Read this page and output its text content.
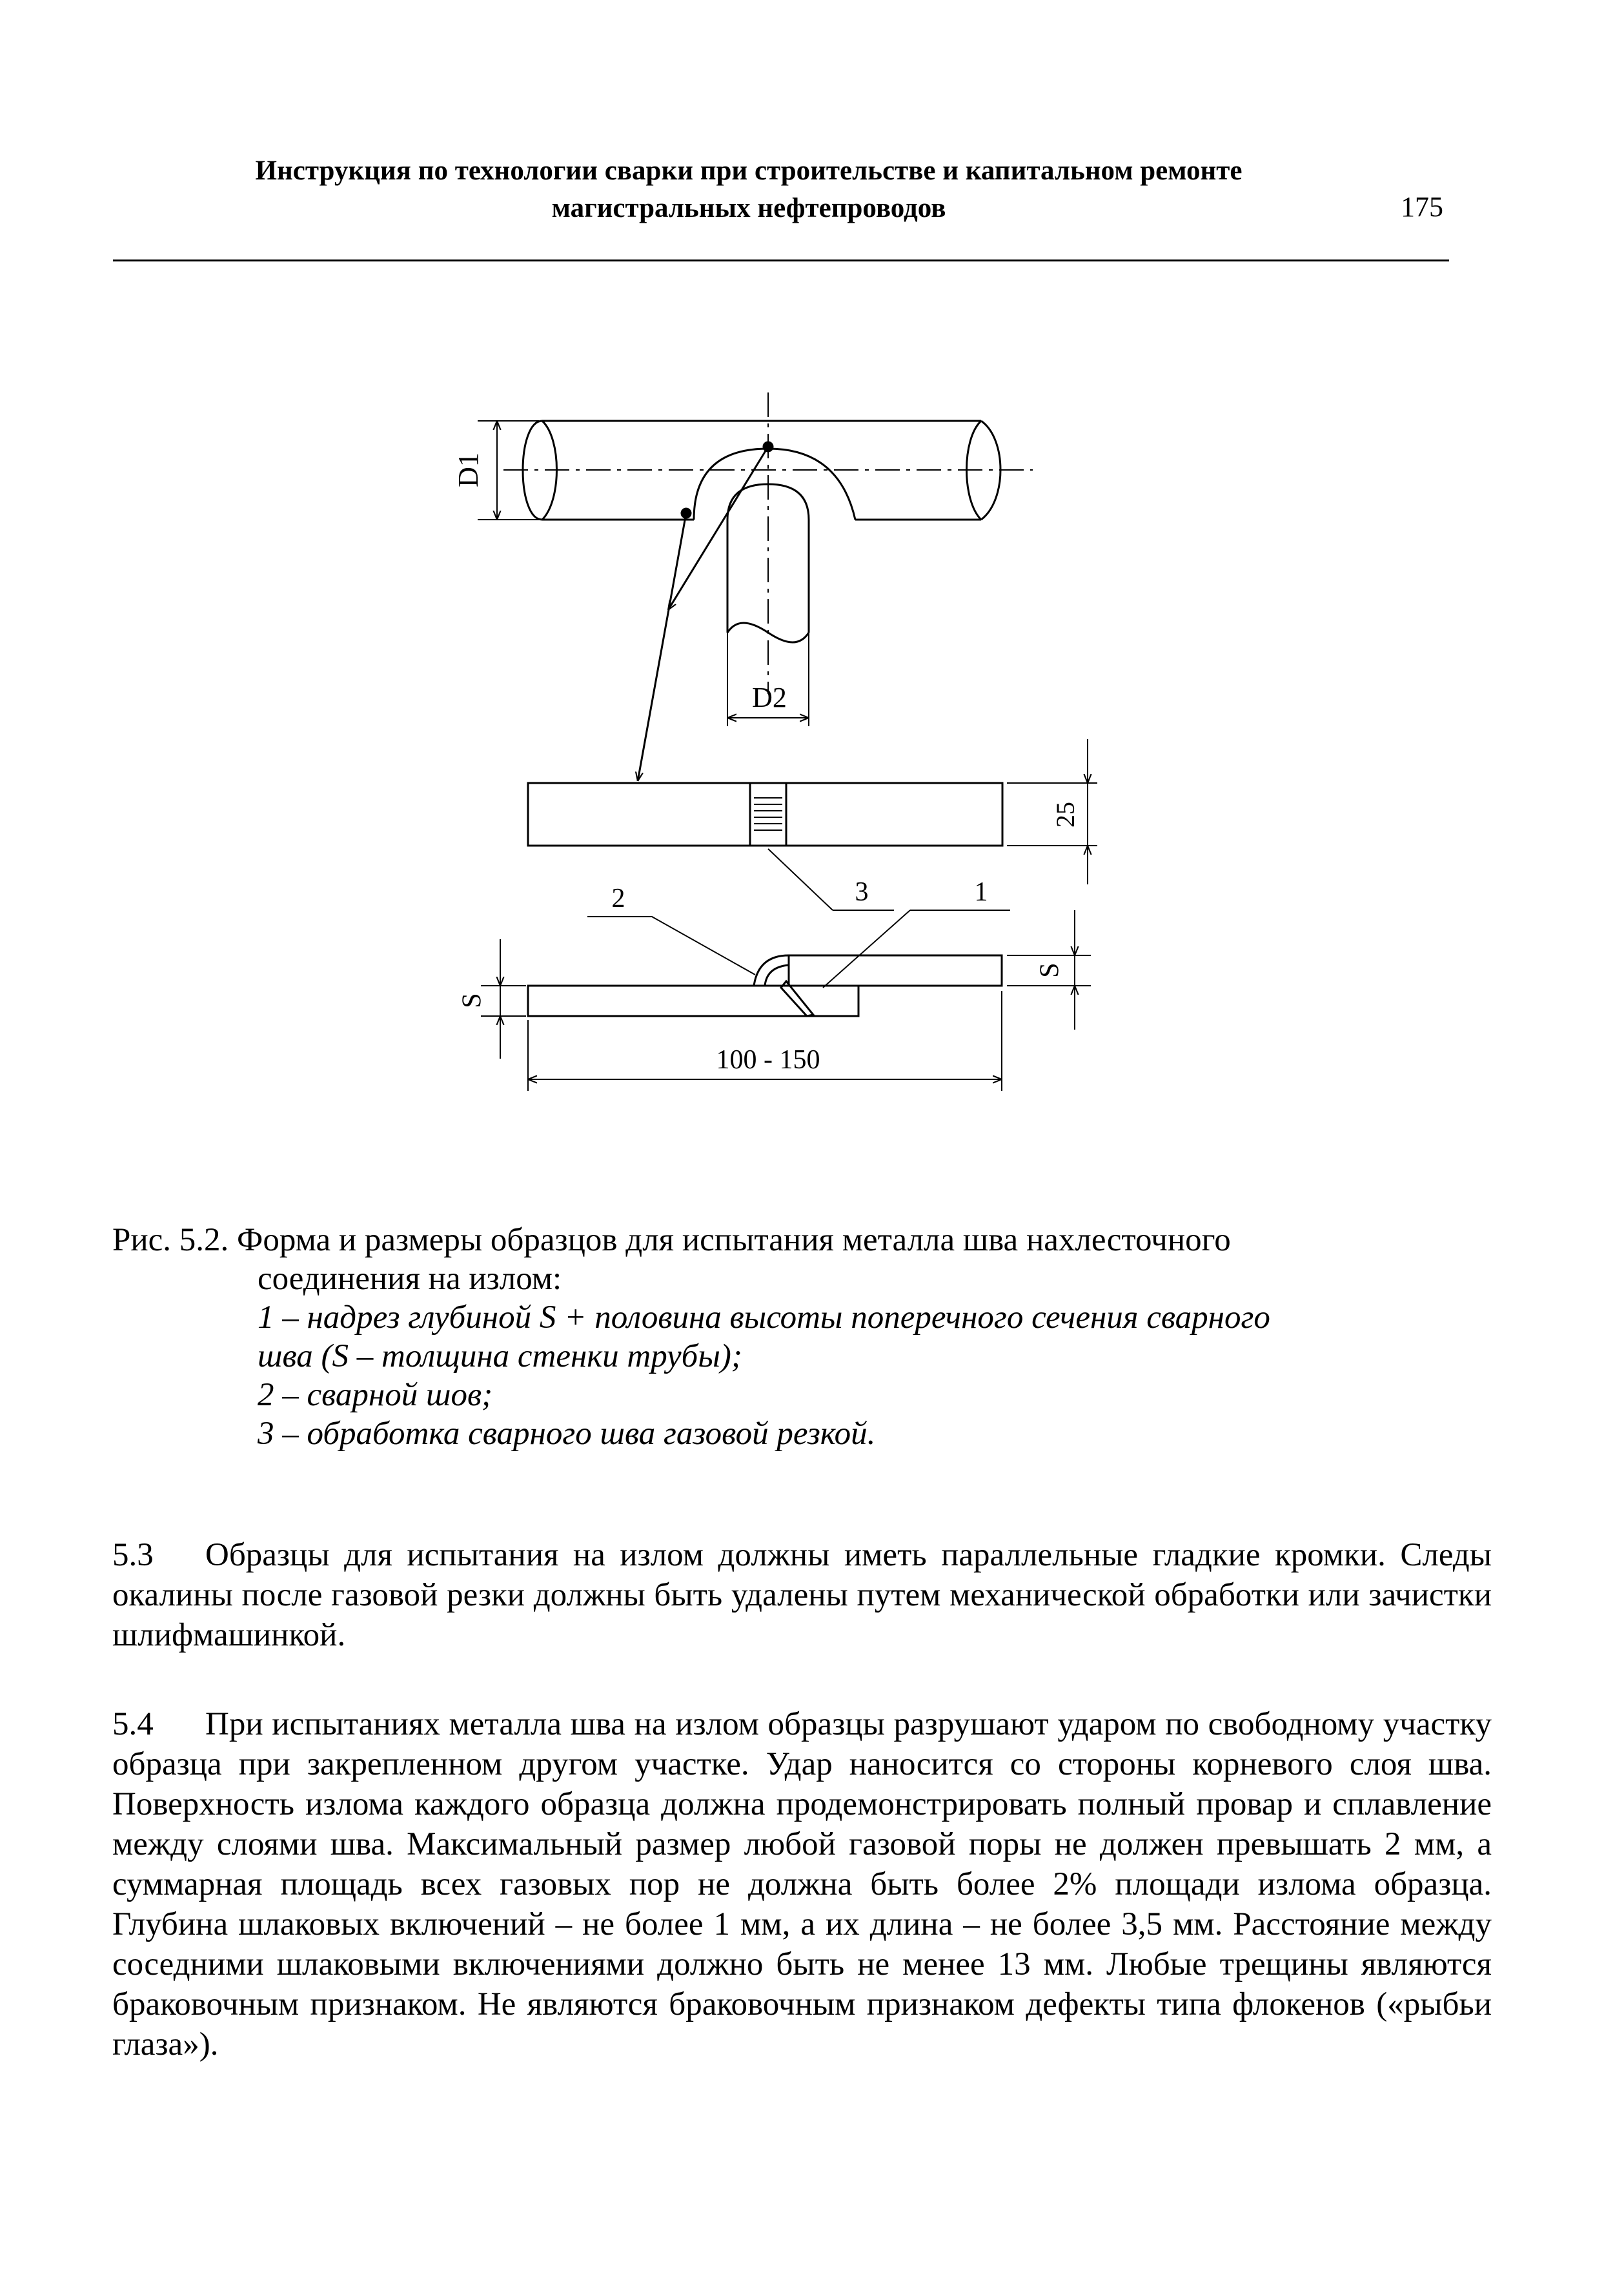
Инструкция по технологии сварки при строительстве и капитальном ремонте
магистральных нефтепроводов	175
D1
D2
25
2	3	1
S
S
100 - 150
Рис. 5.2. Форма и размеры образцов для испытания металла шва нахлесточного
соединения на излом:
1 – надрез глубиной S + половина высоты поперечного сечения сварного
шва (S – толщина стенки трубы);
2 – сварной шов;
3 – обработка сварного шва газовой резкой.
5.3 Образцы для испытания на излом должны иметь параллельные гладкие кромки. Следы окалины после газовой резки должны быть удалены путем механической обработки или зачистки шлифмашинкой.
5.4 При испытаниях металла шва на излом образцы разрушают ударом по свободному участку образца при закрепленном другом участке. Удар наносится со стороны корневого слоя шва. Поверхность излома каждого образца должна продемонстрировать полный провар и сплавление между слоями шва. Максимальный размер любой газовой поры не должен превышать 2 мм, а суммарная площадь всех газовых пор не должна быть более 2% площади излома образца. Глубина шлаковых включений – не более 1 мм, а их длина – не более 3,5 мм. Расстояние между соседними шлаковыми включениями должно быть не менее 13 мм. Любые трещины являются браковочным признаком. Не являются браковочным признаком дефекты типа флокенов («рыбьи глаза»).
